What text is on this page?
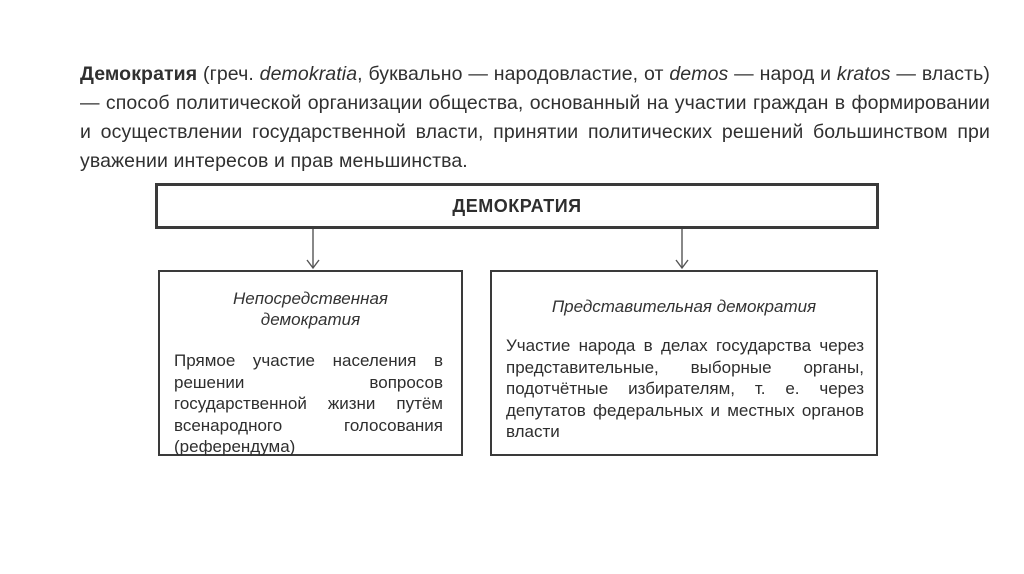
Демократия (греч. demokratia, буквально — народовластие, от demos — народ и kratos — власть) — способ политической организации общества, основанный на участии граждан в формировании и осуществлении государственной власти, принятии политических решений большинством при уважении интересов и прав меньшинства.

ДЕМОКРАТИЯ
Непосредственная демократия
Прямое участие населения в решении вопросов государственной жизни путём всенародного голосования (референдума)
Представительная демократия
Участие народа в делах государства через представительные, выборные органы, подотчётные избирателям, т. е. через депутатов федеральных и местных органов власти
